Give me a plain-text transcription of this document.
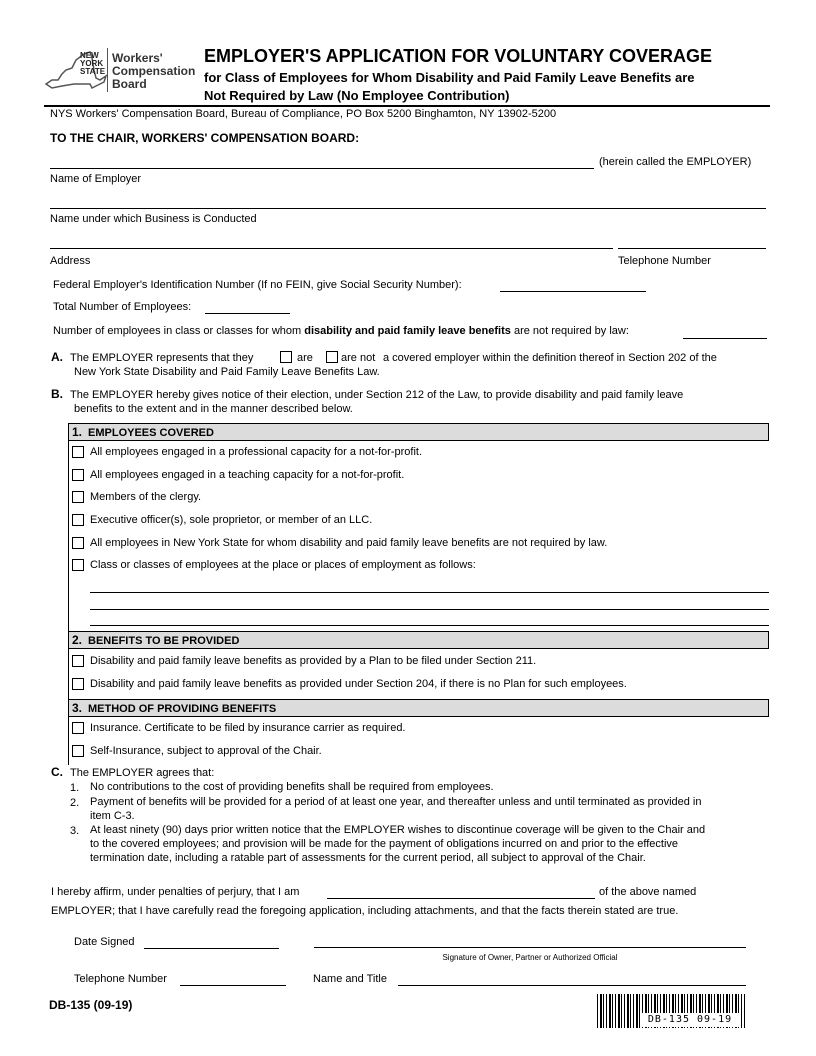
NEW
YORK
STATE
Workers'
Compensation
Board
EMPLOYER'S APPLICATION FOR VOLUNTARY COVERAGE
for Class of Employees for Whom Disability and Paid Family Leave Benefits are
Not Required by Law (No Employee Contribution)
NYS Workers' Compensation Board, Bureau of Compliance, PO Box 5200 Binghamton, NY 13902-5200
TO THE CHAIR, WORKERS' COMPENSATION BOARD:
(herein called the EMPLOYER)
Name of Employer
Name under which Business is Conducted
Address	Telephone Number
Federal Employer's Identification Number (If no FEIN, give Social Security Number):
Total Number of Employees:
Number of employees in class or classes for whom disability and paid family leave benefits are not required by law:
A. The EMPLOYER represents that they	are	are not a covered employer within the definition thereof in Section 202 of the
New York State Disability and Paid Family Leave Benefits Law.
B. The EMPLOYER hereby gives notice of their election, under Section 212 of the Law, to provide disability and paid family leave
benefits to the extent and in the manner described below.
1. EMPLOYEES COVERED
All employees engaged in a professional capacity for a not-for-profit.
All employees engaged in a teaching capacity for a not-for-profit.
Members of the clergy.
Executive officer(s), sole proprietor, or member of an LLC.
All employees in New York State for whom disability and paid family leave benefits are not required by law.
Class or classes of employees at the place or places of employment as follows:
2. BENEFITS TO BE PROVIDED
Disability and paid family leave benefits as provided by a Plan to be filed under Section 211.
Disability and paid family leave benefits as provided under Section 204, if there is no Plan for such employees.
3. METHOD OF PROVIDING BENEFITS
Insurance. Certificate to be filed by insurance carrier as required.
Self-Insurance, subject to approval of the Chair.
C. The EMPLOYER agrees that:
1. No contributions to the cost of providing benefits shall be required from employees.
2. Payment of benefits will be provided for a period of at least one year, and thereafter unless and until terminated as provided in
item C-3.
3. At least ninety (90) days prior written notice that the EMPLOYER wishes to discontinue coverage will be given to the Chair and
to the covered employees; and provision will be made for the payment of obligations incurred on and prior to the effective
termination date, including a ratable part of assessments for the current period, all subject to approval of the Chair.
I hereby affirm, under penalties of perjury, that I am	of the above named
EMPLOYER; that I have carefully read the foregoing application, including attachments, and that the facts therein stated are true.
Date Signed
Signature of Owner, Partner or Authorized Official
Telephone Number	Name and Title
DB-135 (09-19)
DB-135 09-19
